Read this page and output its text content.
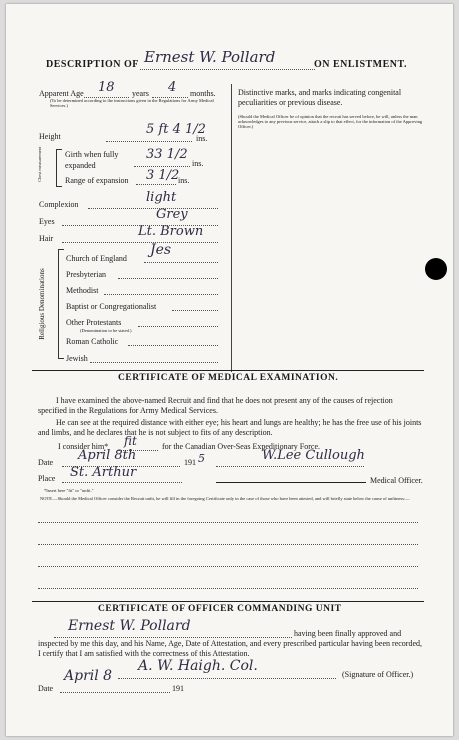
DESCRIPTION OF Ernest W. Pollard	ON ENLISTMENT.
Apparent Age 18 years 4 months.
(To be determined according to the instructions given in the Regulations for Army Medical Services.)
Distinctive marks, and marks indicating congenital peculiarities or previous disease.
(Should the Medical Officer be of opinion that the recruit has served before, he will, unless the man acknowledges to any previous service, attach a slip to that effect, for the information of the Approving Officer.)
Height	5 ft 4 1/2
ins.
Chest measurement	Girth when fully expanded
33 1/2
ins.
Range of expansion 3 1/2
ins.
Complexion	light
Eyes	Grey
Hair	Lt. Brown
Religious Denominations
Church of England
Jes
Presbyterian
Methodist
Baptist or Congregationalist
Other Protestants
(Denomination to be stated.)
Roman Catholic
Jewish
CERTIFICATE OF MEDICAL EXAMINATION.
I have examined the above-named Recruit and find that he does not present any of the causes of rejection specified in the Regulations for Army Medical Services.
He can see at the required distance with either eye; his heart and lungs are healthy; he has the free use of his joints and limbs, and he declares that he is not subject to fits of any description.
I consider him* fit	for the Canadian Over-Seas Expeditionary Force.
Date April 8th	191 5	W.Lee Cullough
Place St. Arthur
Medical Officer.
*Insert here "fit" or "unfit."
NOTE.—Should the Medical Officer consider the Recruit unfit, he will fill in the foregoing Certificate only in the case of those who have been attested, and will briefly state below the cause of unfitness:—
CERTIFICATE OF OFFICER COMMANDING UNIT
Ernest W. Pollard	having been finally approved and
inspected by me this day, and his Name, Age, Date of Attestation, and every prescribed particular having been recorded, I certify that I am satisfied with the correctness of this Attestation.
A. W. Haigh. Col.
(Signature of Officer.)
Date
April 8
191
